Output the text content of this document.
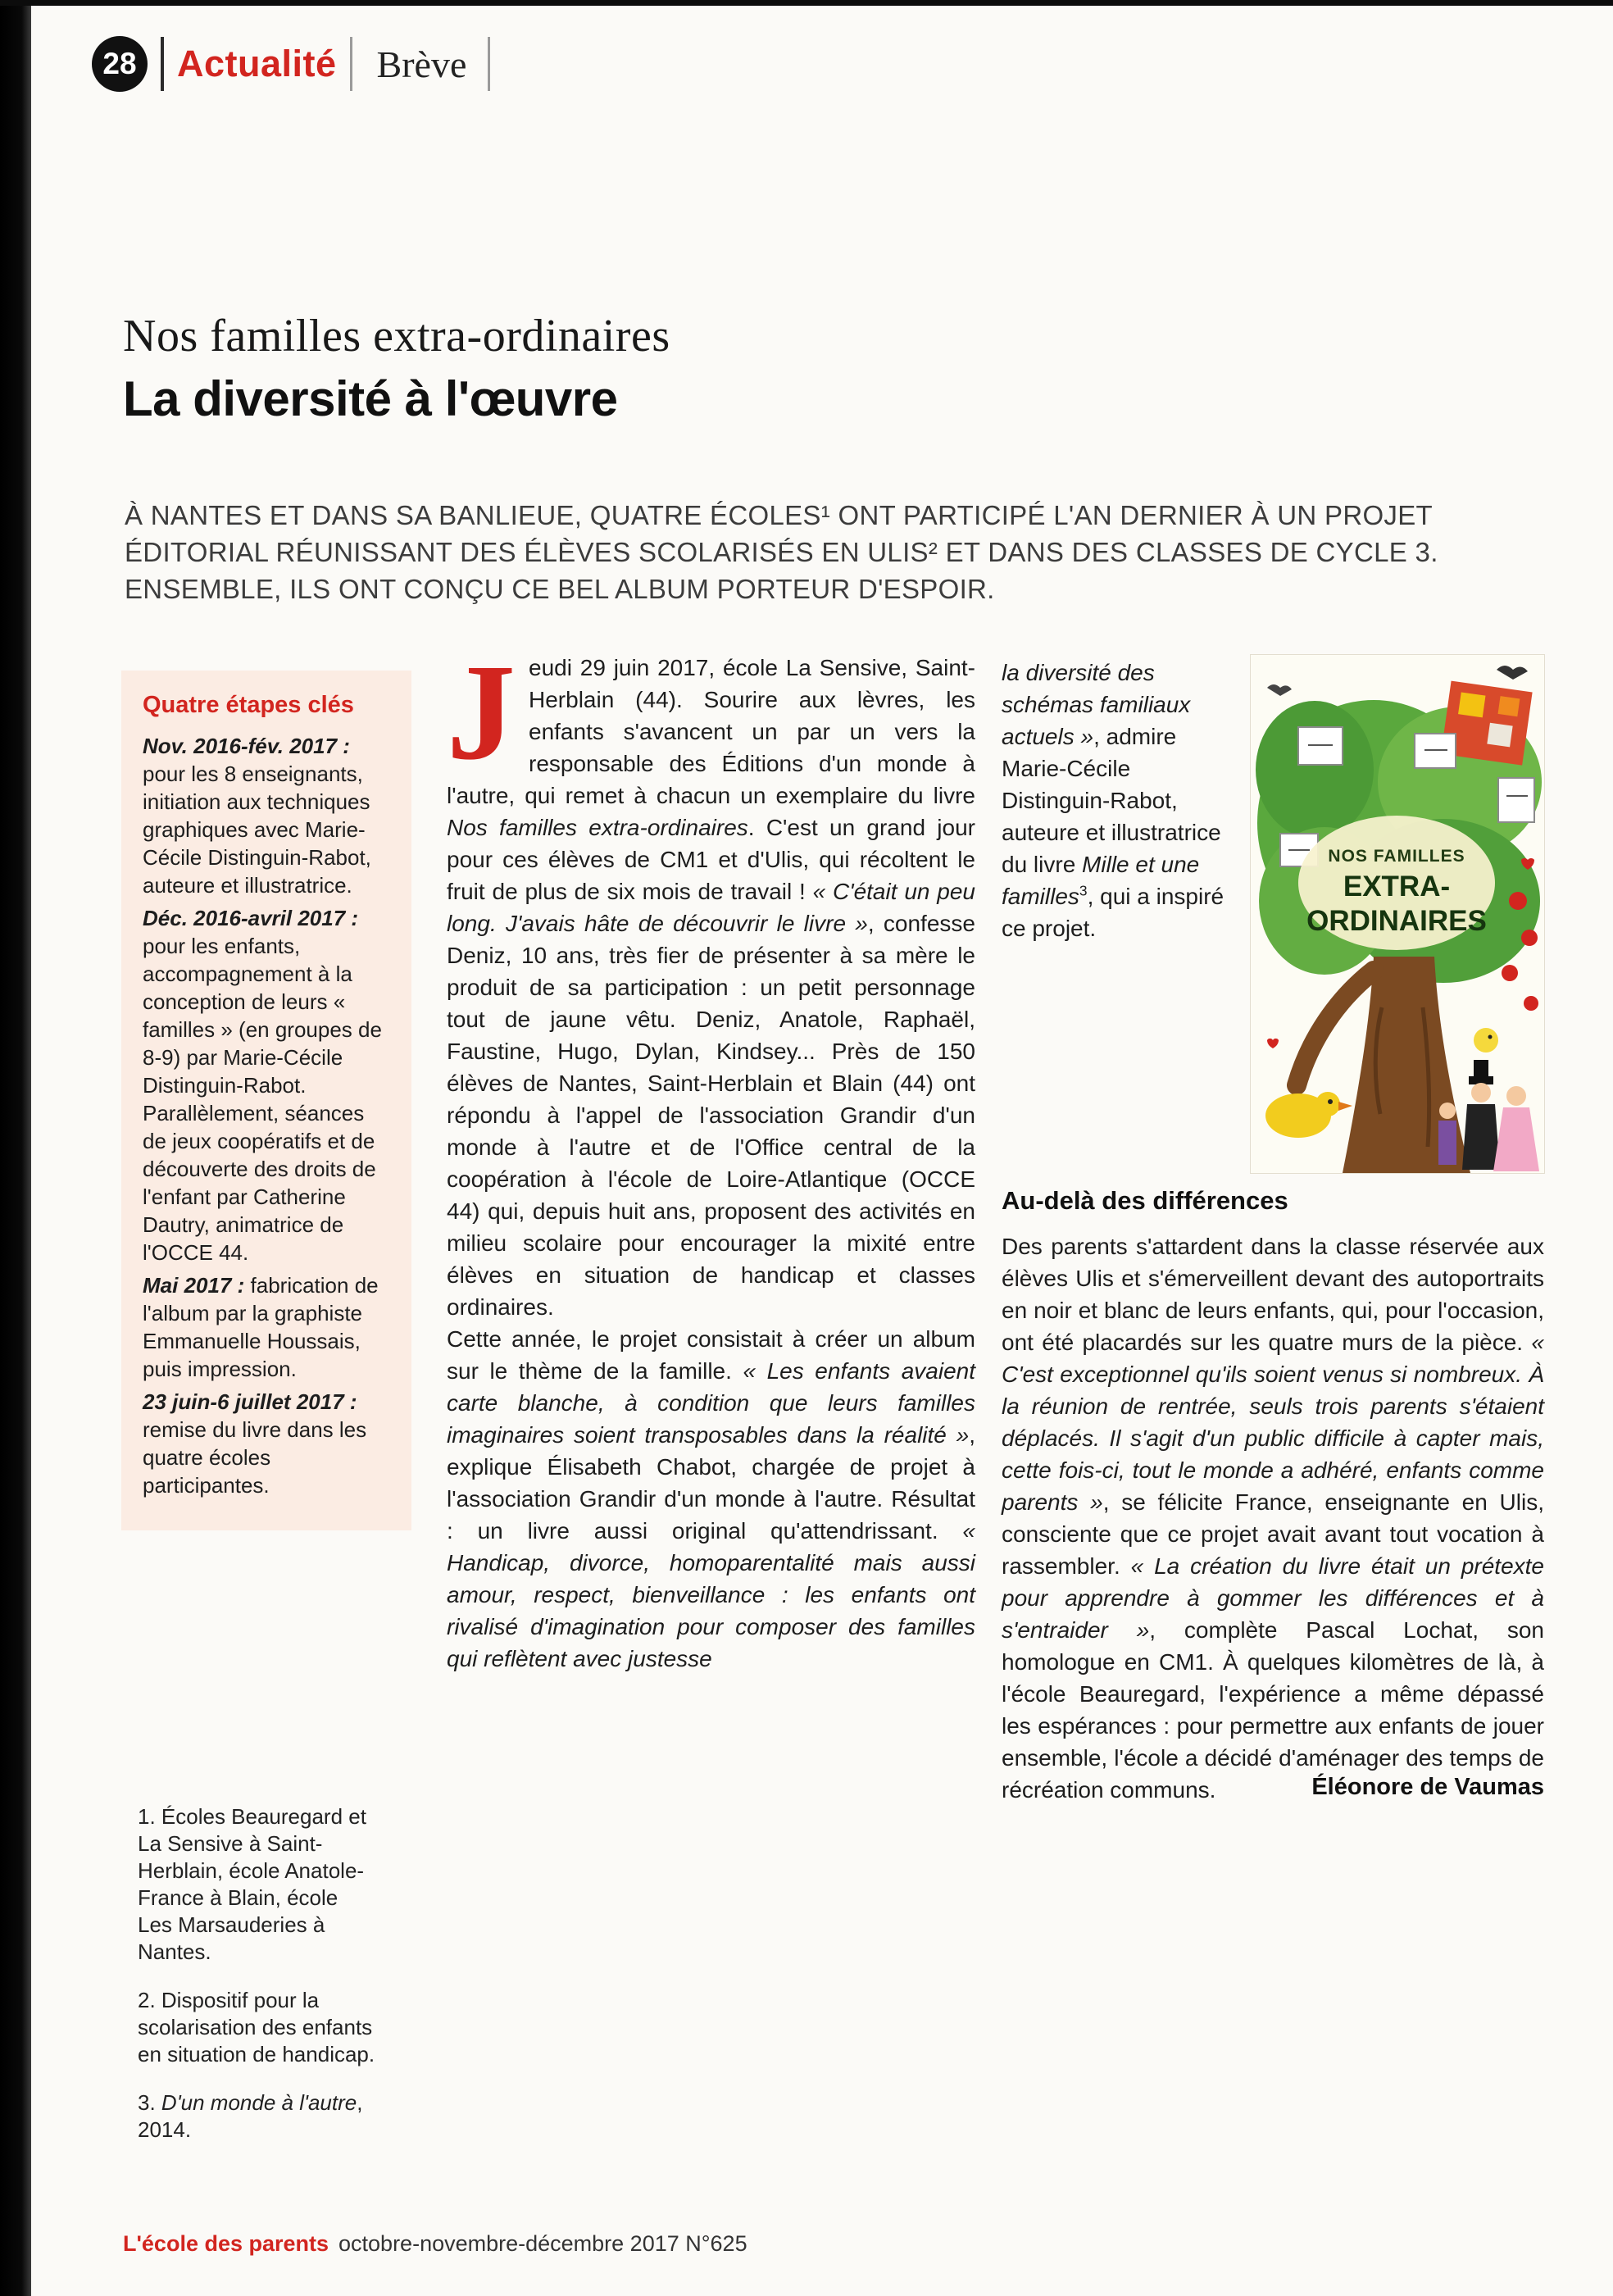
28 Actualité Brève
Nos familles extra-ordinaires
La diversité à l'œuvre
À NANTES ET DANS SA BANLIEUE, QUATRE ÉCOLES¹ ONT PARTICIPÉ L'AN DERNIER À UN PROJET ÉDITORIAL RÉUNISSANT DES ÉLÈVES SCOLARISÉS EN ULIS² ET DANS DES CLASSES DE CYCLE 3. ENSEMBLE, ILS ONT CONÇU CE BEL ALBUM PORTEUR D'ESPOIR.
Quatre étapes clés

Nov. 2016-fév. 2017 : pour les 8 enseignants, initiation aux techniques graphiques avec Marie-Cécile Distinguin-Rabot, auteure et illustratrice.

Déc. 2016-avril 2017 : pour les enfants, accompagnement à la conception de leurs « familles » (en groupes de 8-9) par Marie-Cécile Distinguin-Rabot. Parallèlement, séances de jeux coopératifs et de découverte des droits de l'enfant par Catherine Dautry, animatrice de l'OCCE 44.

Mai 2017 : fabrication de l'album par la graphiste Emmanuelle Houssais, puis impression.

23 juin-6 juillet 2017 : remise du livre dans les quatre écoles participantes.

1. Écoles Beauregard et La Sensive à Saint-Herblain, école Anatole-France à Blain, école Les Marsauderies à Nantes.

2. Dispositif pour la scolarisation des enfants en situation de handicap.

3. D'un monde à l'autre, 2014.

Jeudi 29 juin 2017, école La Sensive, Saint-Herblain (44). Sourire aux lèvres, les enfants s'avancent un par un vers la responsable des Éditions d'un monde à l'autre, qui remet à chacun un exemplaire du livre Nos familles extra-ordinaires. C'est un grand jour pour ces élèves de CM1 et d'Ulis, qui récoltent le fruit de plus de six mois de travail ! « C'était un peu long. J'avais hâte de découvrir le livre », confesse Deniz, 10 ans, très fier de présenter à sa mère le produit de sa participation : un petit personnage tout de jaune vêtu. Deniz, Anatole, Raphaël, Faustine, Hugo, Dylan, Kindsey... Près de 150 élèves de Nantes, Saint-Herblain et Blain (44) ont répondu à l'appel de l'association Grandir d'un monde à l'autre et de l'Office central de la coopération à l'école de Loire-Atlantique (OCCE 44) qui, depuis huit ans, proposent des activités en milieu scolaire pour encourager la mixité entre élèves en situation de handicap et classes ordinaires.

Cette année, le projet consistait à créer un album sur le thème de la famille. « Les enfants avaient carte blanche, à condition que leurs familles imaginaires soient transposables dans la réalité », explique Élisabeth Chabot, chargée de projet à l'association Grandir d'un monde à l'autre. Résultat : un livre aussi original qu'attendrissant. « Handicap, divorce, homoparentalité mais aussi amour, respect, bienveillance : les enfants ont rivalisé d'imagination pour composer des familles qui reflètent avec justesse

NOS FAMILLES
EXTRA-
ORDINAIRES

la diversité des schémas familiaux actuels », admire Marie-Cécile Distinguin-Rabot, auteure et illustratrice du livre Mille et une familles$^3$, qui a inspiré ce projet.

Au-delà des différences

Des parents s'attardent dans la classe réservée aux élèves Ulis et s'émerveillent devant des autoportraits en noir et blanc de leurs enfants, qui, pour l'occasion, ont été placardés sur les quatre murs de la pièce. « C'est exceptionnel qu'ils soient venus si nombreux. À la réunion de rentrée, seuls trois parents s'étaient déplacés. Il s'agit d'un public difficile à capter mais, cette fois-ci, tout le monde a adhéré, enfants comme parents », se félicite France, enseignante en Ulis, consciente que ce projet avait avant tout vocation à rassembler. « La création du livre était un prétexte pour apprendre à gommer les différences et à s'entraider », complète Pascal Lochat, son homologue en CM1. À quelques kilomètres de là, à l'école Beauregard, l'expérience a même dépassé les espérances : pour permettre aux enfants de jouer ensemble, l'école a décidé d'aménager des temps de récréation communs.	Éléonore de Vaumas
L'école des parents octobre-novembre-décembre 2017 N°625
